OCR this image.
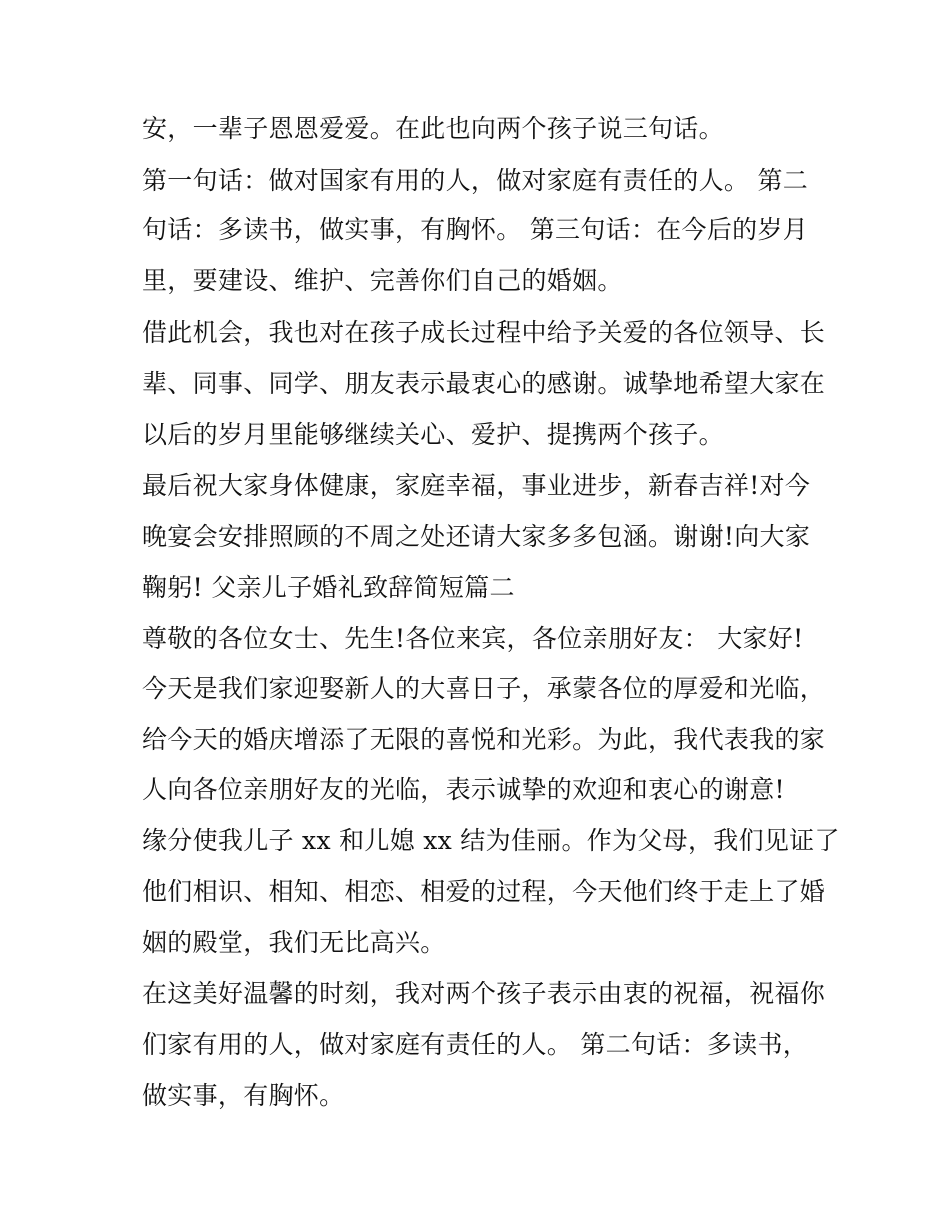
安，一辈子恩恩爱爱。在此也向两个孩子说三句话。

第一句话：做对国家有用的人，做对家庭有责任的人。 第二

句话：多读书，做实事，有胸怀。 第三句话：在今后的岁月

里，要建设、维护、完善你们自己的婚姻。

借此机会，我也对在孩子成长过程中给予关爱的各位领导、长

辈、同事、同学、朋友表示最衷心的感谢。诚挚地希望大家在

以后的岁月里能够继续关心、爱护、提携两个孩子。

最后祝大家身体健康，家庭幸福，事业进步，新春吉祥!对今

晚宴会安排照顾的不周之处还请大家多多包涵。谢谢!向大家

鞠躬! 父亲儿子婚礼致辞简短篇二

尊敬的各位女士、先生!各位来宾，各位亲朋好友： 大家好!

今天是我们家迎娶新人的大喜日子，承蒙各位的厚爱和光临，

给今天的婚庆增添了无限的喜悦和光彩。为此，我代表我的家

人向各位亲朋好友的光临，表示诚挚的欢迎和衷心的谢意!

缘分使我儿子 xx 和儿媳 xx 结为佳丽。作为父母，我们见证了

他们相识、相知、相恋、相爱的过程，今天他们终于走上了婚

姻的殿堂，我们无比高兴。

在这美好温馨的时刻，我对两个孩子表示由衷的祝福，祝福你

们家有用的人，做对家庭有责任的人。 第二句话：多读书，

做实事，有胸怀。
